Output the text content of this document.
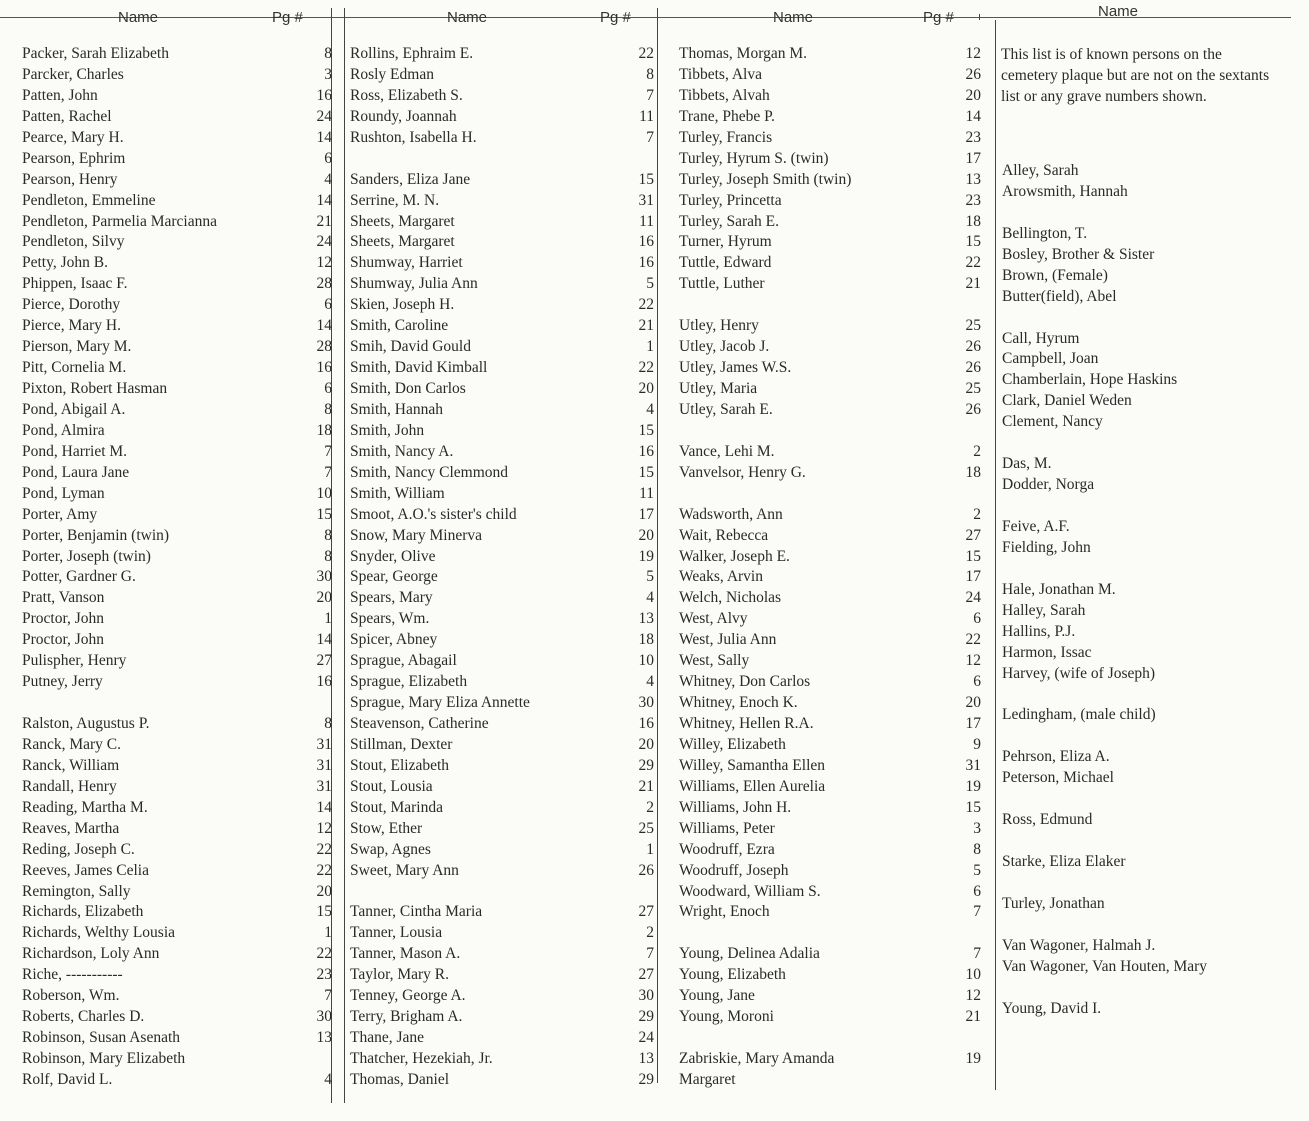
Name	Pg #	Name	Pg #	Name	Pg #	Name
Packer, Sarah Elizabeth	8
Parcker, Charles	3
Patten, John	16
Patten, Rachel	24
Pearce, Mary H.	14
Pearson, Ephrim	6
Pearson, Henry	4
Pendleton, Emmeline	14
Pendleton, Parmelia Marcianna	21
Pendleton, Silvy	24
Petty, John B.	12
Phippen, Isaac F.	28
Pierce, Dorothy	6
Pierce, Mary H.	14
Pierson, Mary M.	28
Pitt, Cornelia M.	16
Pixton, Robert Hasman	6
Pond, Abigail A.	8
Pond, Almira	18
Pond, Harriet M.	7
Pond, Laura Jane	7
Pond, Lyman	10
Porter, Amy	15
Porter, Benjamin (twin)	8
Porter, Joseph (twin)	8
Potter, Gardner G.	30
Pratt, Vanson	20
Proctor, John	1
Proctor, John	14
Pulispher, Henry	27
Putney, Jerry	16
Ralston, Augustus P.	8
Ranck, Mary C.	31
Ranck, William	31
Randall, Henry	31
Reading, Martha M.	14
Reaves, Martha	12
Reding, Joseph C.	22
Reeves, James Celia	22
Remington, Sally	20
Richards, Elizabeth	15
Richards, Welthy Lousia	1
Richardson, Loly Ann	22
Riche, -----------	23
Roberson, Wm.	7
Roberts, Charles D.	30
Robinson, Susan Asenath	13
Robinson, Mary Elizabeth
Rolf, David L.	4
Rollins, Ephraim E.	22
Rosly Edman	8
Ross, Elizabeth S.	7
Roundy, Joannah	11
Rushton, Isabella H.	7
Sanders, Eliza Jane	15
Serrine, M. N.	31
Sheets, Margaret	11
Sheets, Margaret	16
Shumway, Harriet	16
Shumway, Julia Ann	5
Skien, Joseph H.	22
Smith, Caroline	21
Smih, David Gould	1
Smith, David Kimball	22
Smith, Don Carlos	20
Smith, Hannah	4
Smith, John	15
Smith, Nancy A.	16
Smith, Nancy Clemmond	15
Smith, William	11
Smoot, A.O.'s sister's child	17
Snow, Mary Minerva	20
Snyder, Olive	19
Spear, George	5
Spears, Mary	4
Spears, Wm.	13
Spicer, Abney	18
Sprague, Abagail	10
Sprague, Elizabeth	4
Sprague, Mary Eliza Annette	30
Steavenson, Catherine	16
Stillman, Dexter	20
Stout, Elizabeth	29
Stout, Lousia	21
Stout, Marinda	2
Stow, Ether	25
Swap, Agnes	1
Sweet, Mary Ann	26
Tanner, Cintha Maria	27
Tanner, Lousia	2
Tanner, Mason A.	7
Taylor, Mary R.	27
Tenney, George A.	30
Terry, Brigham A.	29
Thane, Jane	24
Thatcher, Hezekiah, Jr.	13
Thomas, Daniel	29
Thomas, Morgan M.	12
Tibbets, Alva	26
Tibbets, Alvah	20
Trane, Phebe P.	14
Turley, Francis	23
Turley, Hyrum S. (twin)	17
Turley, Joseph Smith (twin)	13
Turley, Princetta	23
Turley, Sarah E.	18
Turner, Hyrum	15
Tuttle, Edward	22
Tuttle, Luther	21
Utley, Henry	25
Utley, Jacob J.	26
Utley, James W.S.	26
Utley, Maria	25
Utley, Sarah E.	26
Vance, Lehi M.	2
Vanvelsor, Henry G.	18
Wadsworth, Ann	2
Wait, Rebecca	27
Walker, Joseph E.	15
Weaks, Arvin	17
Welch, Nicholas	24
West, Alvy	6
West, Julia Ann	22
West, Sally	12
Whitney, Don Carlos	6
Whitney, Enoch K.	20
Whitney, Hellen R.A.	17
Willey, Elizabeth	9
Willey, Samantha Ellen	31
Williams, Ellen Aurelia	19
Williams, John H.	15
Williams, Peter	3
Woodruff, Ezra	8
Woodruff, Joseph	5
Woodward, William S.	6
Wright, Enoch	7
Young, Delinea Adalia	7
Young, Elizabeth	10
Young, Jane	12
Young, Moroni	21
Zabriskie, Mary Amanda	19
Margaret
This list is of known persons on the cemetery plaque but are not on the sextants list or any grave numbers shown.
Alley, Sarah
Arowsmith, Hannah
Bellington, T.
Bosley, Brother & Sister
Brown, (Female)
Butter(field), Abel
Call, Hyrum
Campbell, Joan
Chamberlain, Hope Haskins
Clark, Daniel Weden
Clement, Nancy
Das, M.
Dodder, Norga
Feive, A.F.
Fielding, John
Hale, Jonathan M.
Halley, Sarah
Hallins, P.J.
Harmon, Issac
Harvey, (wife of Joseph)
Ledingham, (male child)
Pehrson, Eliza A.
Peterson, Michael
Ross, Edmund
Starke, Eliza Elaker
Turley, Jonathan
Van Wagoner, Halmah J.
Van Wagoner, Van Houten, Mary
Young, David I.
